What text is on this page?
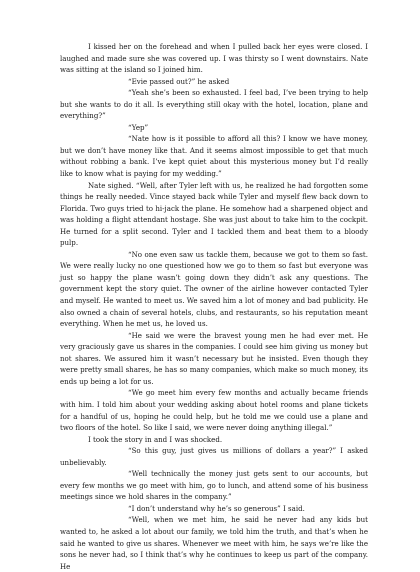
I kissed her on the forehead and when I pulled back her eyes were closed. I laughed and made sure she was covered up. I was thirsty so I went downstairs. Nate was sitting at the island so I joined him.

“Evie passed out?” he asked

“Yeah she’s been so exhausted. I feel bad, I’ve been trying to help but she wants to do it all. Is everything still okay with the hotel, location, plane and everything?”

“Yep”

“Nate how is it possible to afford all this? I know we have money, but we don’t have money like that. And it seems almost impossible to get that much without robbing a bank. I’ve kept quiet about this mysterious money but I’d really like to know what is paying for my wedding.”

Nate sighed. “Well, after Tyler left with us, he realized he had forgotten some things he really needed. Vince stayed back while Tyler and myself flew back down to Florida. Two guys tried to hi-jack the plane. He somehow had a sharpened object and was holding a flight attendant hostage. She was just about to take him to the cockpit. He turned for a split second. Tyler and I tackled them and beat them to a bloody pulp.

“No one even saw us tackle them, because we got to them so fast. We were really lucky no one questioned how we go to them so fast but everyone was just so happy the plane wasn’t going down they didn’t ask any questions. The government kept the story quiet. The owner of the airline however contacted Tyler and myself. He wanted to meet us. We saved him a lot of money and bad publicity. He also owned a chain of several hotels, clubs, and restaurants, so his reputation meant everything. When he met us, he loved us.

“He said we were the bravest young men he had ever met. He very graciously gave us shares in the companies. I could see him giving us money but not shares. We assured him it wasn’t necessary but he insisted. Even though they were pretty small shares, he has so many companies, which make so much money, its ends up being a lot for us.

“We go meet him every few months and actually became friends with him. I told him about your wedding asking about hotel rooms and plane tickets for a handful of us, hoping he could help, but he told me we could use a plane and two floors of the hotel. So like I said, we were never doing anything illegal.”

I took the story in and I was shocked.

“So this guy, just gives us millions of dollars a year?” I asked unbelievably.

“Well technically the money just gets sent to our accounts, but every few months we go meet with him, go to lunch, and attend some of his business meetings since we hold shares in the company.”

“I don’t understand why he’s so generous” I said.

“Well, when we met him, he said he never had any kids but wanted to, he asked a lot about our family, we told him the truth, and that’s when he said he wanted to give us shares. Whenever we meet with him, he says we’re like the sons he never had, so I think that’s why he continues to keep us part of the company. He
